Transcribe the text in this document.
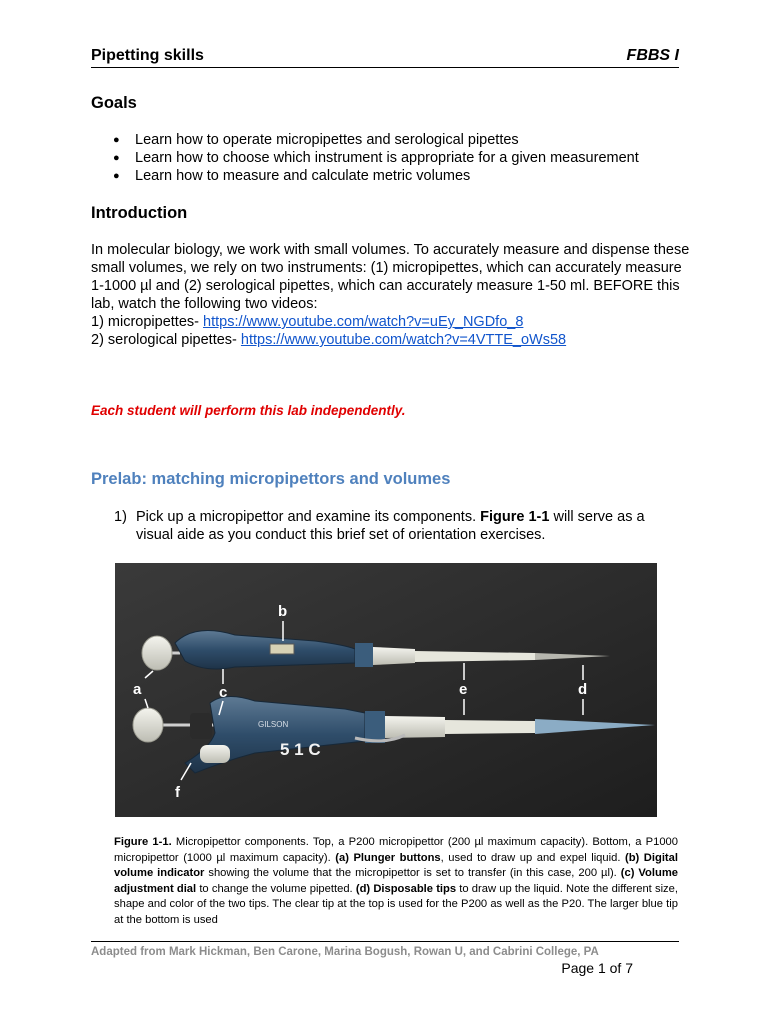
Pipetting skills	FBBS I
Goals
● Learn how to operate micropipettes and serological pipettes
● Learn how to choose which instrument is appropriate for a given measurement
● Learn how to measure and calculate metric volumes
Introduction
In molecular biology, we work with small volumes. To accurately measure and dispense these small volumes, we rely on two instruments: (1) micropipettes, which can accurately measure 1-1000 µl and (2) serological pipettes, which can accurately measure 1-50 ml. BEFORE this lab, watch the following two videos:
1) micropipettes- https://www.youtube.com/watch?v=uEy_NGDfo_8
2) serological pipettes- https://www.youtube.com/watch?v=4VTTE_oWs58
Each student will perform this lab independently.
Prelab: matching micropipettors and volumes
1) Pick up a micropipettor and examine its components. Figure 1-1 will serve as a visual aide as you conduct this brief set of orientation exercises.
GILSON
5 1 C
b
a	c	e	d
f
Figure 1-1. Micropipettor components. Top, a P200 micropipettor (200 µl maximum capacity). Bottom, a P1000 micropipettor (1000 µl maximum capacity). (a) Plunger buttons, used to draw up and expel liquid. (b) Digital volume indicator showing the volume that the micropipettor is set to transfer (in this case, 200 µl). (c) Volume adjustment dial to change the volume pipetted. (d) Disposable tips to draw up the liquid. Note the different size, shape and color of the two tips. The clear tip at the top is used for the P200 as well as the P20. The larger blue tip at the bottom is used
Adapted from Mark Hickman, Ben Carone, Marina Bogush, Rowan U, and Cabrini College, PA
Page 1 of 7
